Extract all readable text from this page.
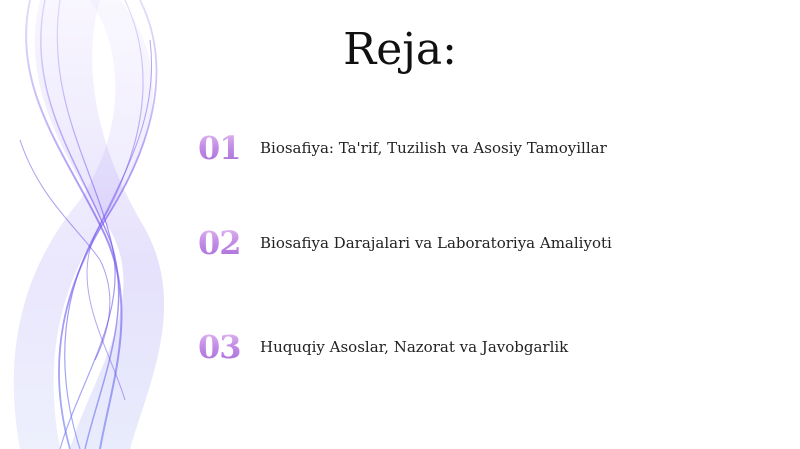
Reja:
01	Biosafiya: Ta'rif, Tuzilish va Asosiy Tamoyillar
02	Biosafiya Darajalari va Laboratoriya Amaliyoti
03	Huquqiy Asoslar, Nazorat va Javobgarlik
